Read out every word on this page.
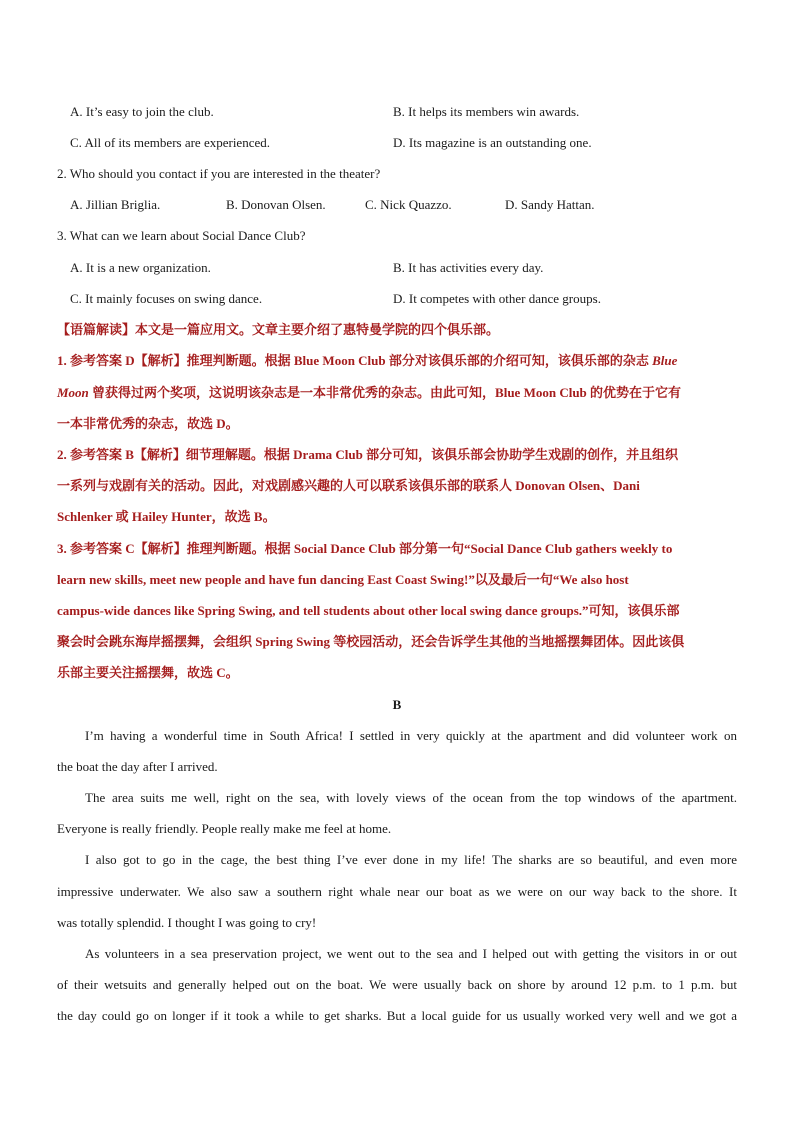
A. It’s easy to join the club.	B. It helps its members win awards.
C. All of its members are experienced.	D. Its magazine is an outstanding one.
2. Who should you contact if you are interested in the theater?
A. Jillian Briglia.	B. Donovan Olsen.	C. Nick Quazzo.	D. Sandy Hattan.
3. What can we learn about Social Dance Club?
A. It is a new organization.	B. It has activities every day.
C. It mainly focuses on swing dance.	D. It competes with other dance groups.
【语篇解读】本文是一篇应用文。文章主要介绍了惠特曼学院的四个俱乐部。
1. 参考答案 D【解析】推理判断题。根据 Blue Moon Club 部分对该俱乐部的介绍可知，该俱乐部的杂志 Blue
Moon 曾获得过两个奖项，这说明该杂志是一本非常优秀的杂志。由此可知，Blue Moon Club 的优势在于它有
一本非常优秀的杂志，故选 D。
2. 参考答案 B【解析】细节理解题。根据 Drama Club 部分可知，该俱乐部会协助学生戏剧的创作，并且组织
一系列与戏剧有关的活动。因此，对戏剧感兴趣的人可以联系该俱乐部的联系人 Donovan Olsen、Dani
Schlenker 或 Hailey Hunter，故选 B。
3. 参考答案 C【解析】推理判断题。根据 Social Dance Club 部分第一句“Social Dance Club gathers weekly to
learn new skills, meet new people and have fun dancing East Coast Swing!”以及最后一句“We also host
campus-wide dances like Spring Swing, and tell students about other local swing dance groups.”可知，该俱乐部
聚会时会跳东海岸摇摆舞，会组织 Spring Swing 等校园活动，还会告诉学生其他的当地摇摆舞团体。因此该俱
乐部主要关注摇摆舞，故选 C。
B
I’m having a wonderful time in South Africa! I settled in very quickly at the apartment and did volunteer work on
the boat the day after I arrived.
The area suits me well, right on the sea, with lovely views of the ocean from the top windows of the apartment.
Everyone is really friendly. People really make me feel at home.
I also got to go in the cage, the best thing I’ve ever done in my life! The sharks are so beautiful, and even more
impressive underwater. We also saw a southern right whale near our boat as we were on our way back to the shore. It
was totally splendid. I thought I was going to cry!
As volunteers in a sea preservation project, we went out to the sea and I helped out with getting the visitors in or out
of their wetsuits and generally helped out on the boat. We were usually back on shore by around 12 p.m. to 1 p.m. but
the day could go on longer if it took a while to get sharks. But a local guide for us usually worked very well and we got a
